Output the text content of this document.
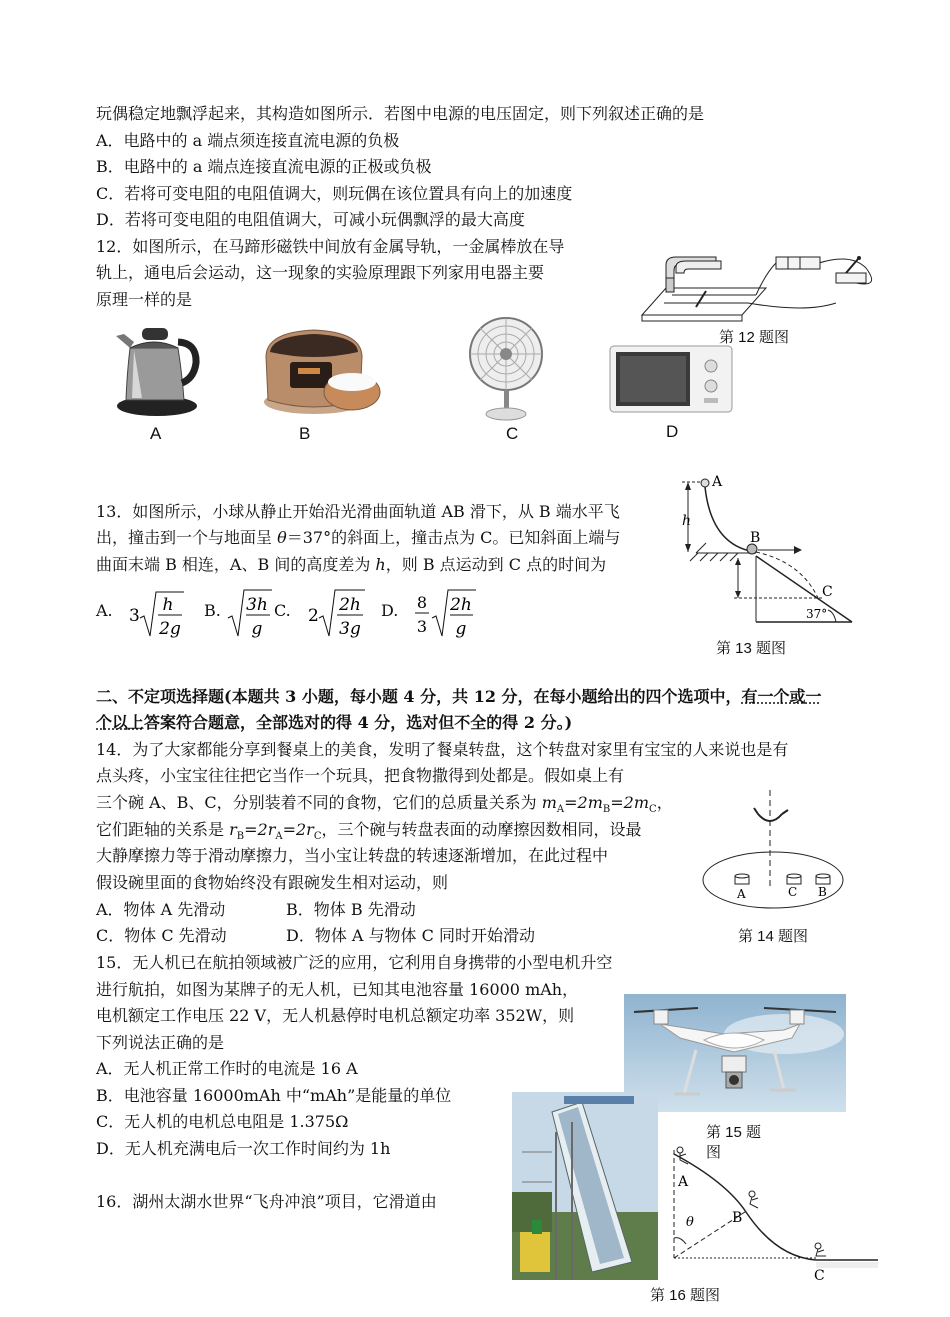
玩偶稳定地飘浮起来，其构造如图所示．若图中电源的电压固定，则下列叙述正确的是
A．电路中的 a 端点须连接直流电源的负极
B．电路中的 a 端点连接直流电源的正极或负极
C．若将可变电阻的电阻值调大，则玩偶在该位置具有向上的加速度
D．若将可变电阻的电阻值调大，可减小玩偶飘浮的最大高度
12．如图所示，在马蹄形磁铁中间放有金属导轨，一金属棒放在导
轨上，通电后会运动，这一现象的实验原理跟下列家用电器主要
原理一样的是
第 12 题图
A	B	C	D
13．如图所示，小球从静止开始沿光滑曲面轨道 AB 滑下，从 B 端水平飞
出，撞击到一个与地面呈 θ＝37°的斜面上，撞击点为 C。已知斜面上端与
曲面末端 B 相连，A、B 间的高度差为 h，则 B 点运动到 C 点的时间为
A. 3
h
2g
B. 3h
g
C. 2
2h
3g
D. 8
3
2h
g
h
A
B
C
37°
第 13 题图
二、不定项选择题(本题共 3 小题，每小题 4 分，共 12 分，在每小题给出的四个选项中，有一个或一
个以上答案符合题意，全部选对的得 4 分，选对但不全的得 2 分。)
14．为了大家都能分享到餐桌上的美食，发明了餐桌转盘，这个转盘对家里有宝宝的人来说也是有
点头疼，小宝宝往往把它当作一个玩具，把食物撒得到处都是。假如桌上有
三个碗 A、B、C，分别装着不同的食物，它们的总质量关系为 $m_A=2m_B=2m_C$，
它们距轴的关系是 $r_B=2r_A=2r_C$，三个碗与转盘表面的动摩擦因数相同，设最
大静摩擦力等于滑动摩擦力，当小宝让转盘的转速逐渐增加，在此过程中
假设碗里面的食物始终没有跟碗发生相对运动，则
A．物体 A 先滑动	B．物体 B 先滑动
C．物体 C 先滑动	D．物体 A 与物体 C 同时开始滑动
A	C B
第 14 题图
15．无人机已在航拍领域被广泛的应用，它利用自身携带的小型电机升空
进行航拍，如图为某牌子的无人机，已知其电池容量 16000 mAh，
电机额定工作电压 22 V，无人机悬停时电机总额定功率 352W，则
下列说法正确的是
A．无人机正常工作时的电流是 16 A
B．电池容量 16000mAh 中“mAh”是能量的单位
C．无人机的电机总电阻是 1.375Ω
D．无人机充满电后一次工作时间约为 1h
第 15 题
图
16．湖州太湖水世界“飞舟冲浪”项目，它滑道由
θ
A
B
C
第 16 题图
